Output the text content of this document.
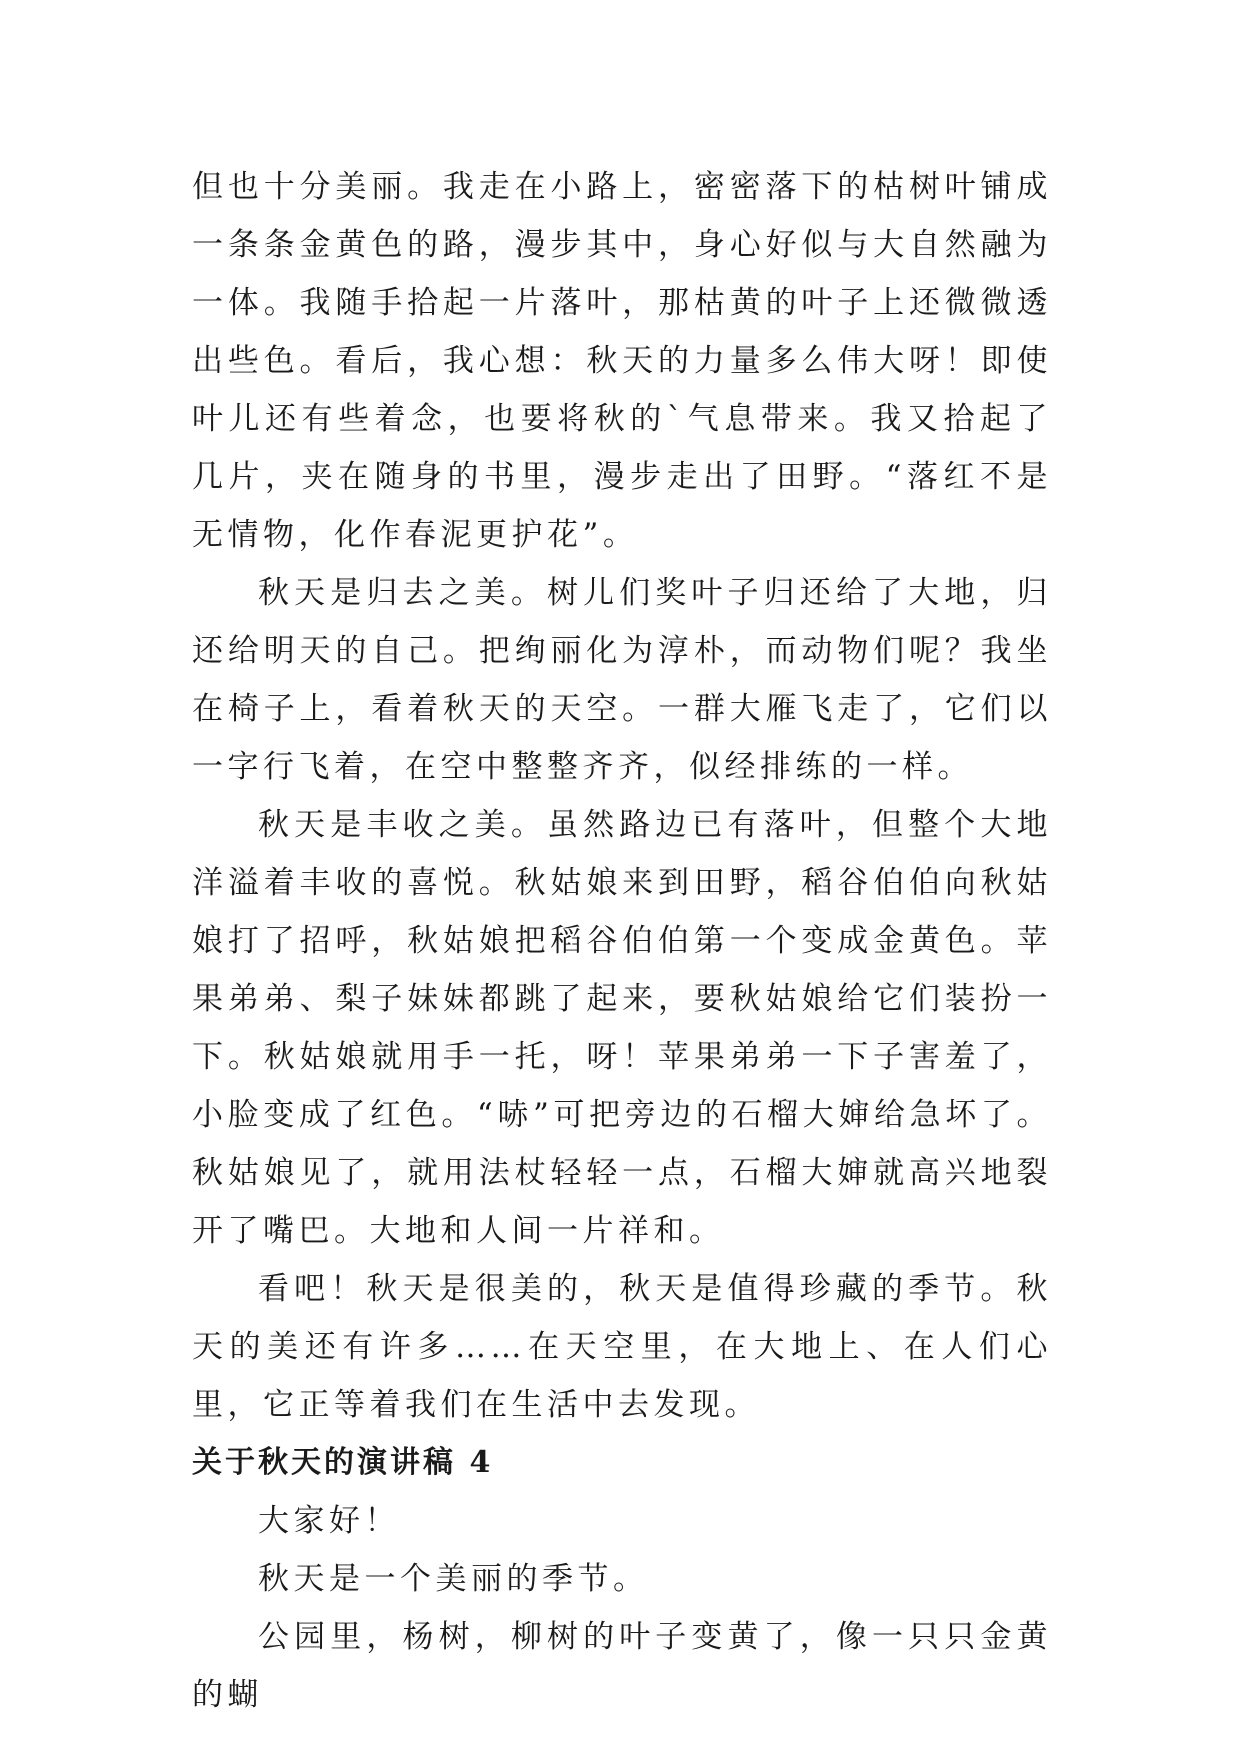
但也十分美丽。我走在小路上，密密落下的枯树叶铺成一条条金黄色的路，漫步其中，身心好似与大自然融为一体。我随手拾起一片落叶，那枯黄的叶子上还微微透出些色。看后，我心想：秋天的力量多么伟大呀！即使叶儿还有些着念，也要将秋的`气息带来。我又拾起了几片，夹在随身的书里，漫步走出了田野。“落红不是无情物，化作春泥更护花”。

秋天是归去之美。树儿们奖叶子归还给了大地，归还给明天的自己。把绚丽化为淳朴，而动物们呢？我坐在椅子上，看着秋天的天空。一群大雁飞走了，它们以一字行飞着，在空中整整齐齐，似经排练的一样。

秋天是丰收之美。虽然路边已有落叶，但整个大地洋溢着丰收的喜悦。秋姑娘来到田野，稻谷伯伯向秋姑娘打了招呼，秋姑娘把稻谷伯伯第一个变成金黄色。苹果弟弟、梨子妹妹都跳了起来，要秋姑娘给它们装扮一下。秋姑娘就用手一托，呀！苹果弟弟一下子害羞了，小脸变成了红色。“哧”可把旁边的石榴大婶给急坏了。秋姑娘见了，就用法杖轻轻一点，石榴大婶就高兴地裂开了嘴巴。大地和人间一片祥和。

看吧！秋天是很美的，秋天是值得珍藏的季节。秋天的美还有许多……在天空里，在大地上、在人们心里，它正等着我们在生活中去发现。

关于秋天的演讲稿 4

大家好！

秋天是一个美丽的季节。

公园里，杨树，柳树的叶子变黄了，像一只只金黄的蝴
